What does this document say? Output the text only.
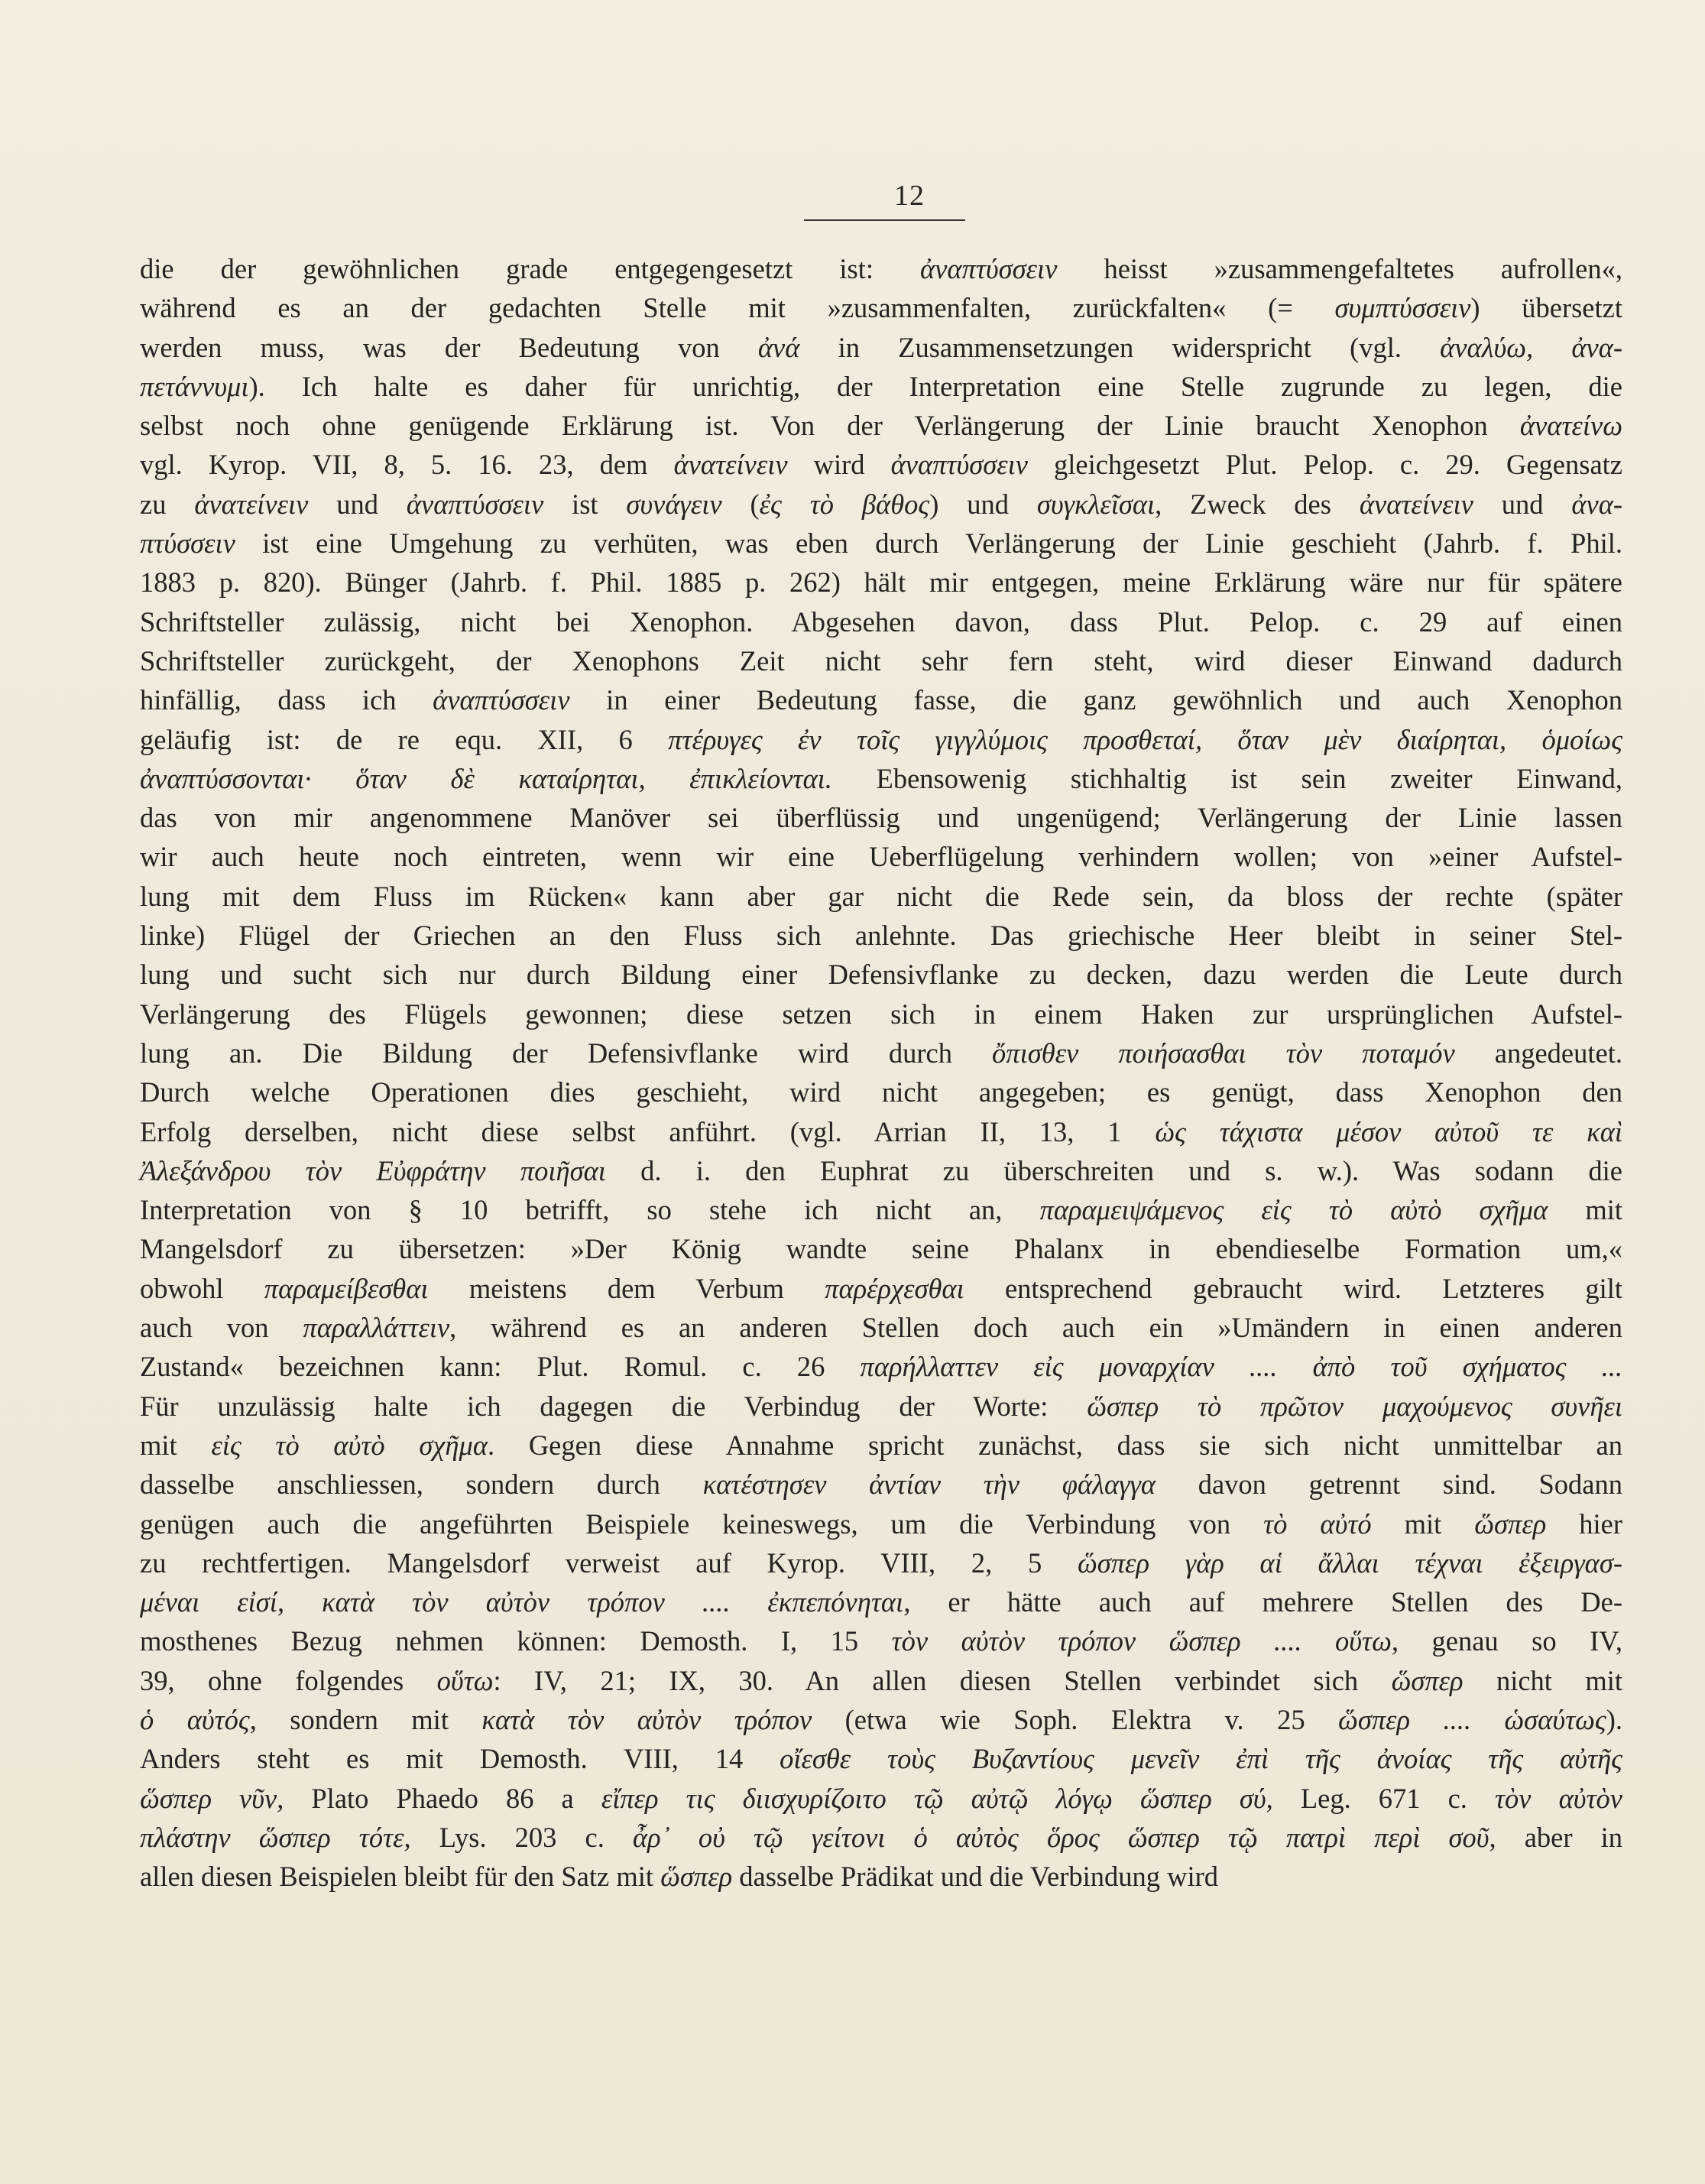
12
die der gewöhnlichen grade entgegengesetzt ist: ἀναπτύσσειν heisst »zusammengefaltetes aufrollen«,
während es an der gedachten Stelle mit »zusammenfalten, zurückfalten« (= συμπτύσσειν) übersetzt
werden muss, was der Bedeutung von ἀνά in Zusammensetzungen widerspricht (vgl. ἀναλύω, ἀνα-
πετάννυμι). Ich halte es daher für unrichtig, der Interpretation eine Stelle zugrunde zu legen, die
selbst noch ohne genügende Erklärung ist. Von der Verlängerung der Linie braucht Xenophon ἀνατείνω
vgl. Kyrop. VII, 8, 5. 16. 23, dem ἀνατείνειν wird ἀναπτύσσειν gleichgesetzt Plut. Pelop. c. 29. Gegensatz
zu ἀνατείνειν und ἀναπτύσσειν ist συνάγειν (ἐς τὸ βάθος) und συγκλεῖσαι, Zweck des ἀνατείνειν und ἀνα-
πτύσσειν ist eine Umgehung zu verhüten, was eben durch Verlängerung der Linie geschieht (Jahrb. f. Phil.
1883 p. 820). Bünger (Jahrb. f. Phil. 1885 p. 262) hält mir entgegen, meine Erklärung wäre nur für spätere
Schriftsteller zulässig, nicht bei Xenophon. Abgesehen davon, dass Plut. Pelop. c. 29 auf einen
Schriftsteller zurückgeht, der Xenophons Zeit nicht sehr fern steht, wird dieser Einwand dadurch
hinfällig, dass ich ἀναπτύσσειν in einer Bedeutung fasse, die ganz gewöhnlich und auch Xenophon
geläufig ist: de re equ. XII, 6 πτέρυγες ἐν τοῖς γιγγλύμοις προσθεταί, ὅταν μὲν διαίρηται, ὁμοίως
ἀναπτύσσονται· ὅταν δὲ καταίρηται, ἐπικλείονται. Ebensowenig stichhaltig ist sein zweiter Einwand,
das von mir angenommene Manöver sei überflüssig und ungenügend; Verlängerung der Linie lassen
wir auch heute noch eintreten, wenn wir eine Ueberflügelung verhindern wollen; von »einer Aufstel-
lung mit dem Fluss im Rücken« kann aber gar nicht die Rede sein, da bloss der rechte (später
linke) Flügel der Griechen an den Fluss sich anlehnte. Das griechische Heer bleibt in seiner Stel-
lung und sucht sich nur durch Bildung einer Defensivflanke zu decken, dazu werden die Leute durch
Verlängerung des Flügels gewonnen; diese setzen sich in einem Haken zur ursprünglichen Aufstel-
lung an. Die Bildung der Defensivflanke wird durch ὄπισθεν ποιήσασθαι τὸν ποταμόν angedeutet.
Durch welche Operationen dies geschieht, wird nicht angegeben; es genügt, dass Xenophon den
Erfolg derselben, nicht diese selbst anführt. (vgl. Arrian II, 13, 1 ὡς τάχιστα μέσον αὐτοῦ τε καὶ
Ἀλεξάνδρου τὸν Εὐφράτην ποιῆσαι d. i. den Euphrat zu überschreiten und s. w.). Was sodann die
Interpretation von § 10 betrifft, so stehe ich nicht an, παραμειψάμενος εἰς τὸ αὐτὸ σχῆμα mit
Mangelsdorf zu übersetzen: »Der König wandte seine Phalanx in ebendieselbe Formation um,«
obwohl παραμείβεσθαι meistens dem Verbum παρέρχεσθαι entsprechend gebraucht wird. Letzteres gilt
auch von παραλλάττειν, während es an anderen Stellen doch auch ein »Umändern in einen anderen
Zustand« bezeichnen kann: Plut. Romul. c. 26 παρήλλαττεν εἰς μοναρχίαν .... ἀπὸ τοῦ σχήματος ...
Für unzulässig halte ich dagegen die Verbindug der Worte: ὥσπερ τὸ πρῶτον μαχούμενος συνῆει
mit εἰς τὸ αὐτὸ σχῆμα. Gegen diese Annahme spricht zunächst, dass sie sich nicht unmittelbar an
dasselbe anschliessen, sondern durch κατέστησεν ἀντίαν τὴν φάλαγγα davon getrennt sind. Sodann
genügen auch die angeführten Beispiele keineswegs, um die Verbindung von τὸ αὐτό mit ὥσπερ hier
zu rechtfertigen. Mangelsdorf verweist auf Kyrop. VIII, 2, 5 ὥσπερ γὰρ αἱ ἄλλαι τέχναι ἐξειργασ-
μέναι εἰσί, κατὰ τὸν αὐτὸν τρόπον .... ἐκπεπόνηται, er hätte auch auf mehrere Stellen des De-
mosthenes Bezug nehmen können: Demosth. I, 15 τὸν αὐτὸν τρόπον ὥσπερ .... οὕτω, genau so IV,
39, ohne folgendes οὕτω: IV, 21; IX, 30. An allen diesen Stellen verbindet sich ὥσπερ nicht mit
ὁ αὐτός, sondern mit κατὰ τὸν αὐτὸν τρόπον (etwa wie Soph. Elektra v. 25 ὥσπερ .... ὡσαύτως).
Anders steht es mit Demosth. VIII, 14 οἴεσθε τοὺς Βυζαντίους μενεῖν ἐπὶ τῆς ἀνοίας τῆς αὐτῆς
ὥσπερ νῦν, Plato Phaedo 86 a εἴπερ τις διισχυρίζοιτο τῷ αὐτῷ λόγῳ ὥσπερ σύ, Leg. 671 c. τὸν αὐτὸν
πλάστην ὥσπερ τότε, Lys. 203 c. ἆρ᾽ οὐ τῷ γείτονι ὁ αὐτὸς ὅρος ὥσπερ τῷ πατρὶ περὶ σοῦ, aber in
allen diesen Beispielen bleibt für den Satz mit ὥσπερ dasselbe Prädikat und die Verbindung wird
